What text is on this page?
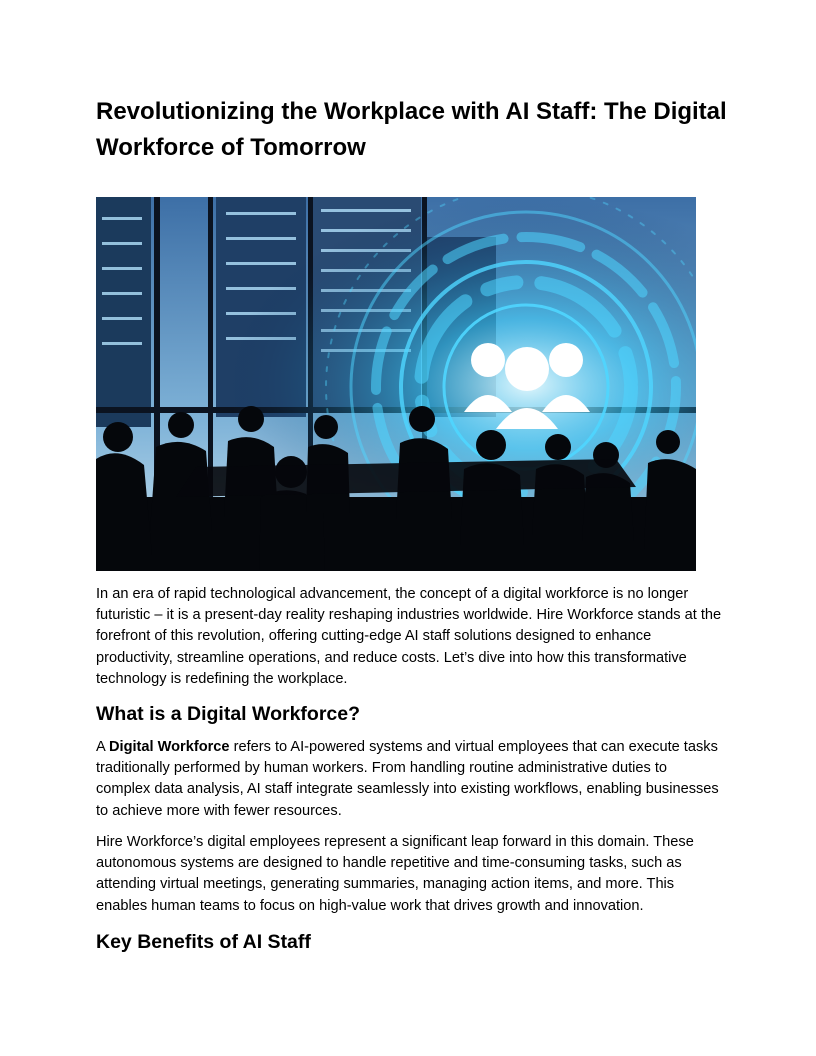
Revolutionizing the Workplace with AI Staff: The Digital Workforce of Tomorrow

In an era of rapid technological advancement, the concept of a digital workforce is no longer futuristic – it is a present-day reality reshaping industries worldwide. Hire Workforce stands at the forefront of this revolution, offering cutting-edge AI staff solutions designed to enhance productivity, streamline operations, and reduce costs. Let’s dive into how this transformative technology is redefining the workplace.

What is a Digital Workforce?

A Digital Workforce refers to AI-powered systems and virtual employees that can execute tasks traditionally performed by human workers. From handling routine administrative duties to complex data analysis, AI staff integrate seamlessly into existing workflows, enabling businesses to achieve more with fewer resources.

Hire Workforce’s digital employees represent a significant leap forward in this domain. These autonomous systems are designed to handle repetitive and time-consuming tasks, such as attending virtual meetings, generating summaries, managing action items, and more. This enables human teams to focus on high-value work that drives growth and innovation.

Key Benefits of AI Staff
